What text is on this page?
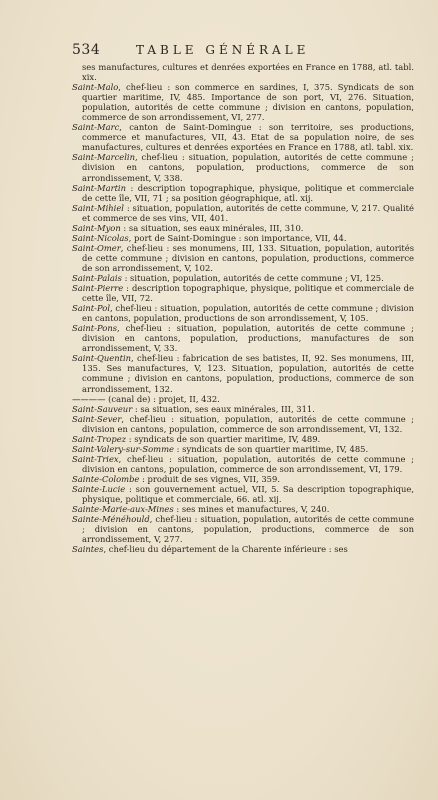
534	TABLE GÉNÉRALE

ses manufactures, cultures et denrées exportées en France en 1788, atl. tabl. xix.

Saint-Malo, chef-lieu : son commerce en sardines, I, 375. Syndicats de son quartier maritime, IV, 485. Importance de son port, VI, 276. Situation, population, autorités de cette commune ; division en cantons, population, commerce de son arrondissement, VI, 277.

Saint-Marc, canton de Saint-Domingue : son territoire, ses productions, commerce et manufactures, VII, 43. Etat de sa population noire, de ses manufactures, cultures et denrées exportées en France en 1788, atl. tabl. xix.

Saint-Marcelin, chef-lieu : situation, population, autorités de cette commune ; division en cantons, population, productions, commerce de son arrondissement, V, 338.

Saint-Martin : description topographique, physique, politique et commerciale de cette île, VII, 71 ; sa position géographique, atl. xij.

Saint-Mihiel : situation, population, autorités de cette commune, V, 217. Qualité et commerce de ses vins, VII, 401.

Saint-Myon : sa situation, ses eaux minérales, III, 310.

Saint-Nicolas, port de Saint-Domingue : son importance, VII, 44.

Saint-Omer, chef-lieu : ses monumens, III, 133. Situation, population, autorités de cette commune ; division en cantons, population, productions, commerce de son arrondissement, V, 102.

Saint-Palais : situation, population, autorités de cette commune ; VI, 125.

Saint-Pierre : description topographique, physique, politique et commerciale de cette île, VII, 72.

Saint-Pol, chef-lieu : situation, population, autorités de cette commune ; division en cantons, population, productions de son arrondissement, V, 105.

Saint-Pons, chef-lieu : situation, population, autorités de cette commune ; division en cantons, population, productions, manufactures de son arrondissement, V, 33.

Saint-Quentin, chef-lieu : fabrication de ses batistes, II, 92. Ses monumens, III, 135. Ses manufactures, V, 123. Situation, population, autorités de cette commune ; division en cantons, population, productions, commerce de son arrondissement, 132.

———— (canal de) : projet, II, 432.

Saint-Sauveur : sa situation, ses eaux minérales, III, 311.

Saint-Sever, chef-lieu : situation, population, autorités de cette commune ; division en cantons, population, commerce de son arrondissement, VI, 132.

Saint-Tropez : syndicats de son quartier maritime, IV, 489.

Saint-Valery-sur-Somme : syndicats de son quartier maritime, IV, 485.

Saint-Triex, chef-lieu : situation, population, autorités de cette commune ; division en cantons, population, commerce de son arrondissement, VI, 179.

Sainte-Colombe : produit de ses vignes, VII, 359.

Sainte-Lucie : son gouvernement actuel, VII, 5. Sa description topographique, physique, politique et commerciale, 66. atl. xij.

Sainte-Marie-aux-Mines : ses mines et manufactures, V, 240.

Sainte-Ménéhould, chef-lieu : situation, population, autorités de cette commune ; division en cantons, population, productions, commerce de son arrondissement, V, 277.

Saintes, chef-lieu du département de la Charente inférieure : ses
